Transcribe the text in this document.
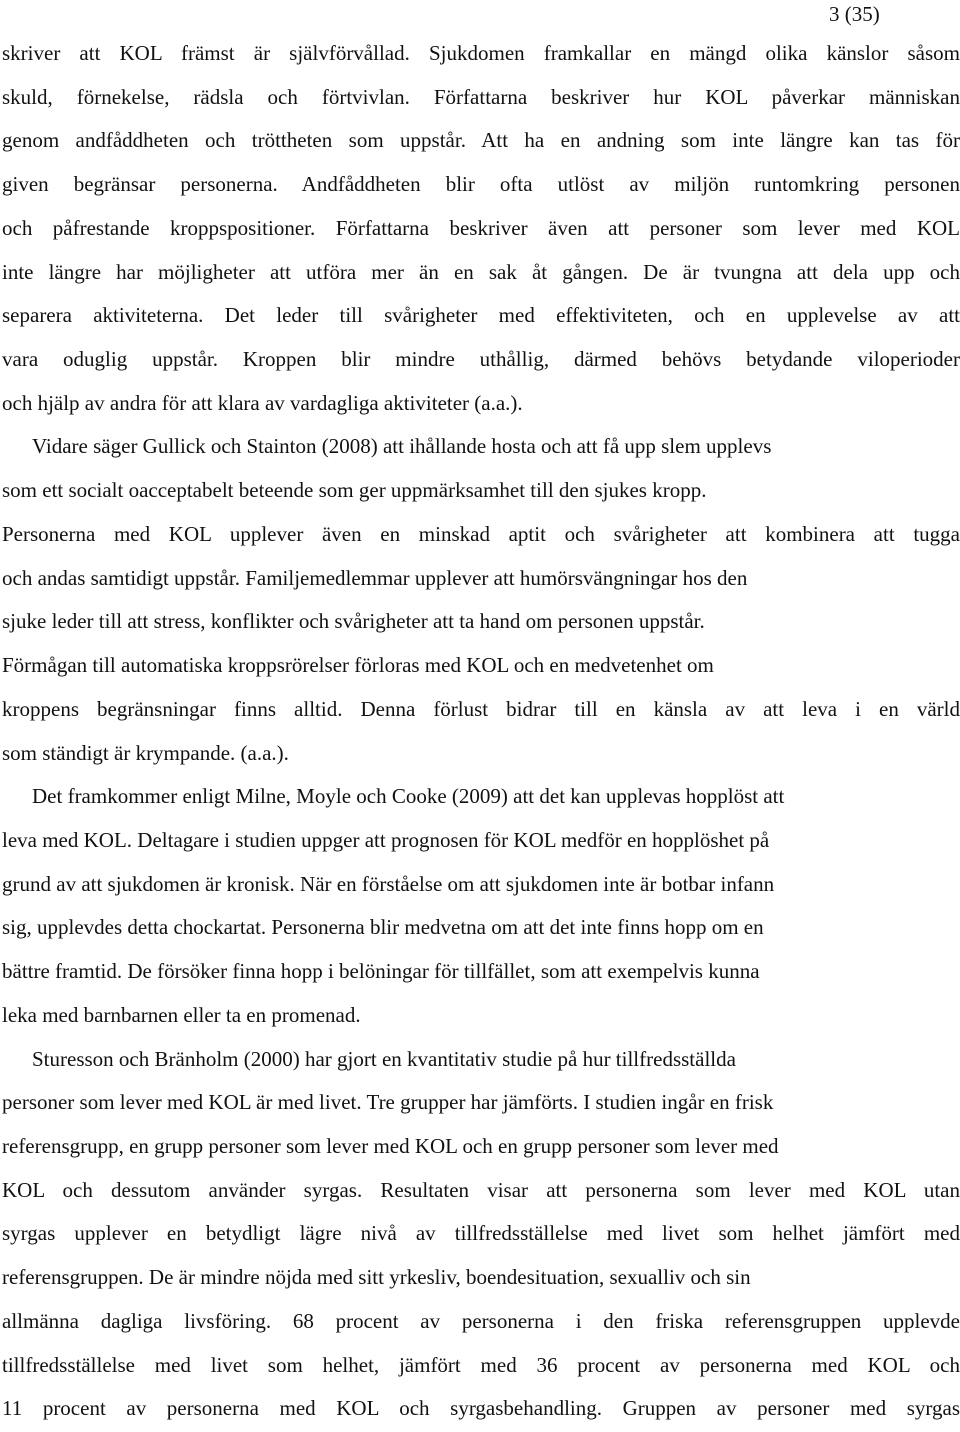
3 (35)
skriver att KOL främst är självförvållad. Sjukdomen framkallar en mängd olika känslor såsom
skuld, förnekelse, rädsla och förtvivlan. Författarna beskriver hur KOL påverkar människan
genom andfåddheten och tröttheten som uppstår. Att ha en andning som inte längre kan tas för
given begränsar personerna. Andfåddheten blir ofta utlöst av miljön runtomkring personen
och påfrestande kroppspositioner. Författarna beskriver även att personer som lever med KOL
inte längre har möjligheter att utföra mer än en sak åt gången. De är tvungna att dela upp och
separera aktiviteterna. Det leder till svårigheter med effektiviteten, och en upplevelse av att
vara oduglig uppstår. Kroppen blir mindre uthållig, därmed behövs betydande viloperioder
och hjälp av andra för att klara av vardagliga aktiviteter (a.a.).
Vidare säger Gullick och Stainton (2008) att ihållande hosta och att få upp slem upplevs
som ett socialt oacceptabelt beteende som ger uppmärksamhet till den sjukes kropp.
Personerna med KOL upplever även en minskad aptit och svårigheter att kombinera att tugga
och andas samtidigt uppstår. Familjemedlemmar upplever att humörsvängningar hos den
sjuke leder till att stress, konflikter och svårigheter att ta hand om personen uppstår.
Förmågan till automatiska kroppsrörelser förloras med KOL och en medvetenhet om
kroppens begränsningar finns alltid. Denna förlust bidrar till en känsla av att leva i en värld
som ständigt är krympande. (a.a.).
Det framkommer enligt Milne, Moyle och Cooke (2009) att det kan upplevas hopplöst att
leva med KOL. Deltagare i studien uppger att prognosen för KOL medför en hopplöshet på
grund av att sjukdomen är kronisk. När en förståelse om att sjukdomen inte är botbar infann
sig, upplevdes detta chockartat. Personerna blir medvetna om att det inte finns hopp om en
bättre framtid. De försöker finna hopp i belöningar för tillfället, som att exempelvis kunna
leka med barnbarnen eller ta en promenad.
Sturesson och Bränholm (2000) har gjort en kvantitativ studie på hur tillfredsställda
personer som lever med KOL är med livet. Tre grupper har jämförts. I studien ingår en frisk
referensgrupp, en grupp personer som lever med KOL och en grupp personer som lever med
KOL och dessutom använder syrgas. Resultaten visar att personerna som lever med KOL utan
syrgas upplever en betydligt lägre nivå av tillfredsställelse med livet som helhet jämfört med
referensgruppen. De är mindre nöjda med sitt yrkesliv, boendesituation, sexualliv och sin
allmänna dagliga livsföring. 68 procent av personerna i den friska referensgruppen upplevde
tillfredsställelse med livet som helhet, jämfört med 36 procent av personerna med KOL och
11 procent av personerna med KOL och syrgasbehandling. Gruppen av personer med syrgas
